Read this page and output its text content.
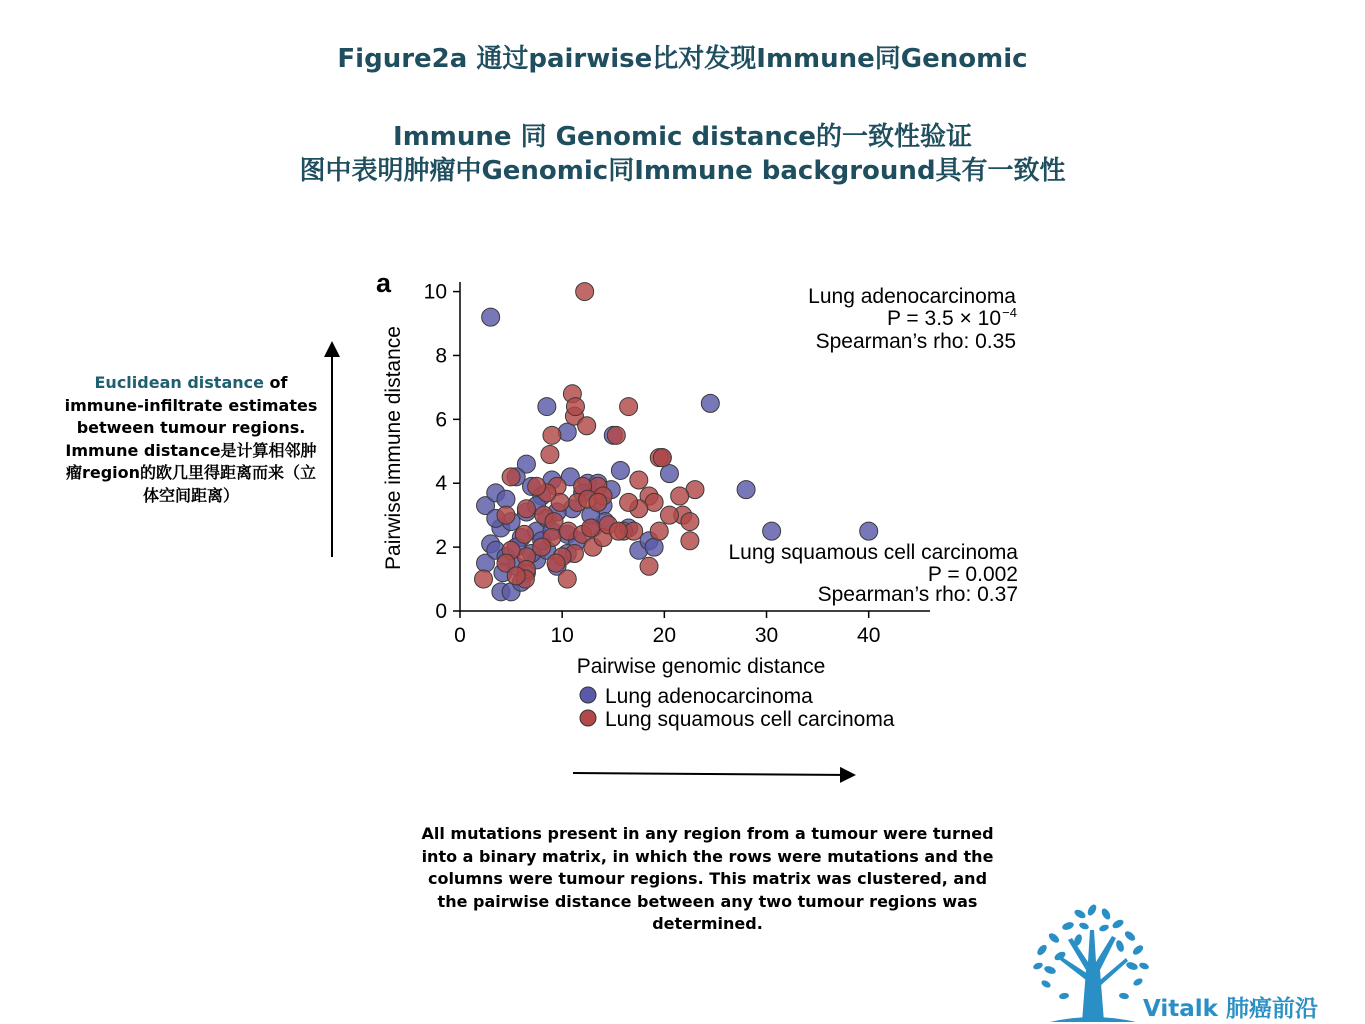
Figure2a 通过pairwise比对发现Immune同Genomic
Immune 同 Genomic distance的一致性验证
图中表明肿瘤中Genomic同Immune background具有一致性
Euclidean distance of immune-infiltrate estimates between tumour regions.
Immune distance是计算相邻肿瘤region的欧几里得距离而来（立体空间距离）
a
0	10	20	30	40
0
2
4
6
8
10	Lung adenocarcinoma
P = 3.5 × 10 −4
Spearman’s rho: 0.35
Lung squamous cell carcinoma
P = 0.002
Spearman’s rho: 0.37
Pairwise genomic distance
Pairwise immune distance
Lung adenocarcinoma
Lung squamous cell carcinoma
All mutations present in any region from a tumour were turned into a binary matrix, in which the rows were mutations and the columns were tumour regions. This matrix was clustered, and the pairwise distance between any two tumour regions was determined.
Vitalk 肺癌前沿
